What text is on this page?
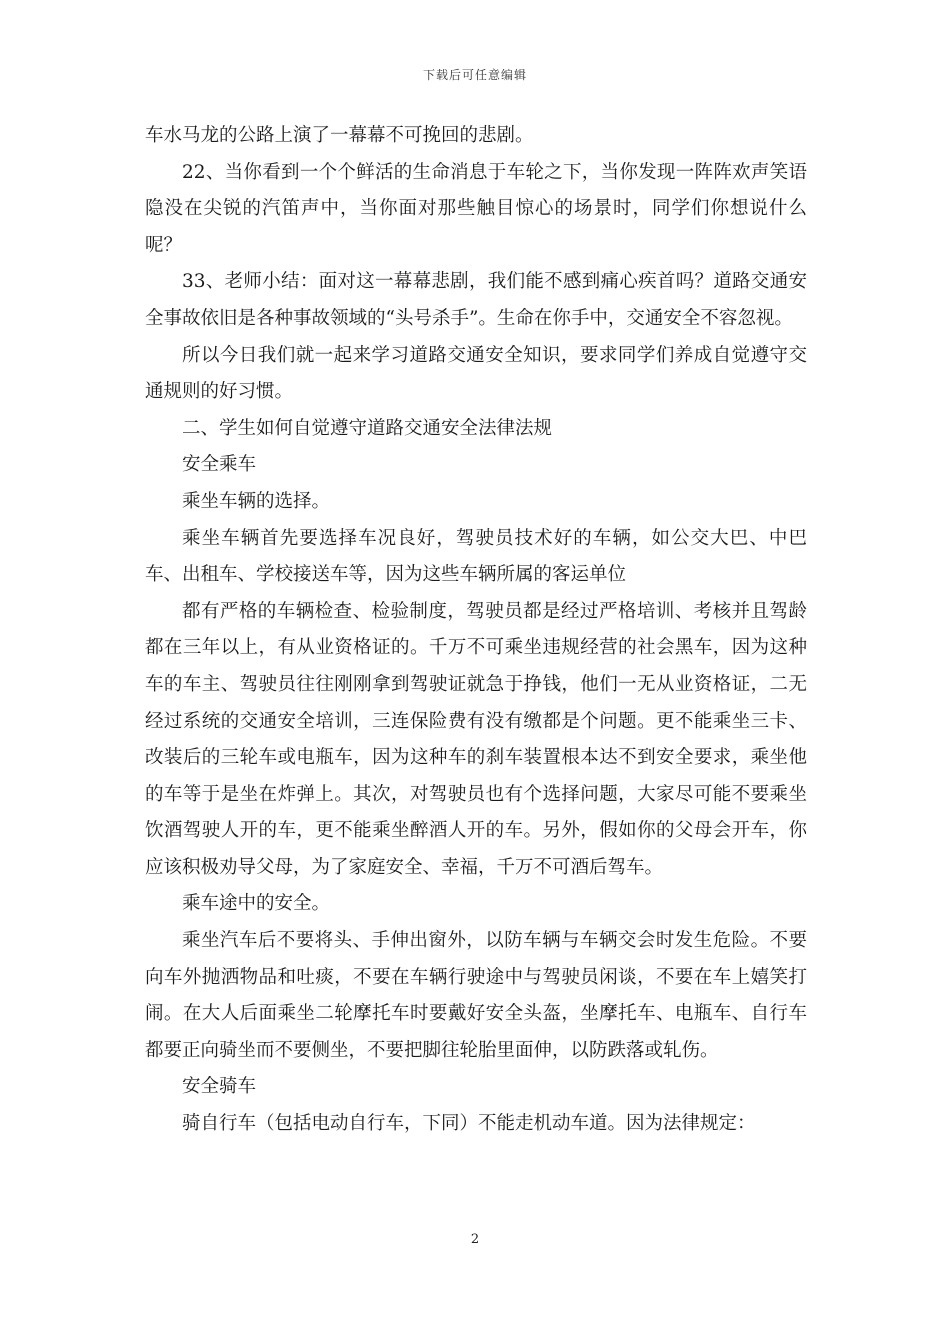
下载后可任意编辑

车水马龙的公路上演了一幕幕不可挽回的悲剧。

22、当你看到一个个鲜活的生命消息于车轮之下，当你发现一阵阵欢声笑语隐没在尖锐的汽笛声中，当你面对那些触目惊心的场景时，同学们你想说什么呢？

33、老师小结：面对这一幕幕悲剧，我们能不感到痛心疾首吗？道路交通安全事故依旧是各种事故领域的“头号杀手”。生命在你手中，交通安全不容忽视。

所以今日我们就一起来学习道路交通安全知识，要求同学们养成自觉遵守交通规则的好习惯。

二、学生如何自觉遵守道路交通安全法律法规

安全乘车

乘坐车辆的选择。

乘坐车辆首先要选择车况良好，驾驶员技术好的车辆，如公交大巴、中巴车、出租车、学校接送车等，因为这些车辆所属的客运单位

都有严格的车辆检查、检验制度，驾驶员都是经过严格培训、考核并且驾龄都在三年以上，有从业资格证的。千万不可乘坐违规经营的社会黑车，因为这种车的车主、驾驶员往往刚刚拿到驾驶证就急于挣钱，他们一无从业资格证，二无经过系统的交通安全培训，三连保险费有没有缴都是个问题。更不能乘坐三卡、改装后的三轮车或电瓶车，因为这种车的刹车装置根本达不到安全要求，乘坐他的车等于是坐在炸弹上。其次，对驾驶员也有个选择问题，大家尽可能不要乘坐饮酒驾驶人开的车，更不能乘坐醉酒人开的车。另外，假如你的父母会开车，你应该积极劝导父母，为了家庭安全、幸福，千万不可酒后驾车。

乘车途中的安全。

乘坐汽车后不要将头、手伸出窗外，以防车辆与车辆交会时发生危险。不要向车外抛洒物品和吐痰，不要在车辆行驶途中与驾驶员闲谈，不要在车上嬉笑打闹。在大人后面乘坐二轮摩托车时要戴好安全头盔，坐摩托车、电瓶车、自行车都要正向骑坐而不要侧坐，不要把脚往轮胎里面伸，以防跌落或轧伤。

安全骑车

骑自行车（包括电动自行车，下同）不能走机动车道。因为法律规定：

2
